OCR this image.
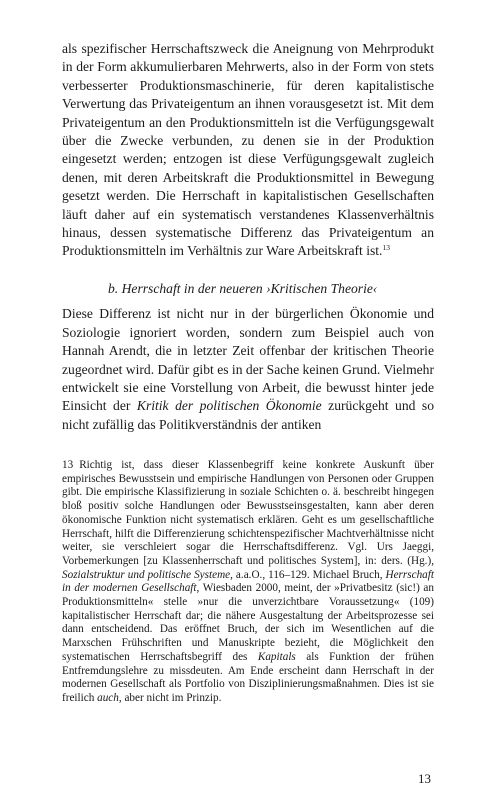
als spezifischer Herrschaftszweck die Aneignung von Mehrprodukt in der Form akkumulierbaren Mehrwerts, also in der Form von stets verbesserter Produktionsmaschinerie, für deren kapitalistische Verwertung das Privateigentum an ihnen vorausgesetzt ist. Mit dem Privateigentum an den Produktionsmitteln ist die Verfügungsgewalt über die Zwecke verbunden, zu denen sie in der Produktion eingesetzt werden; entzogen ist diese Verfügungsgewalt zugleich denen, mit deren Arbeitskraft die Produktionsmittel in Bewegung gesetzt werden. Die Herrschaft in kapitalistischen Gesellschaften läuft daher auf ein systematisch verstandenes Klassenverhältnis hinaus, dessen systematische Differenz das Privateigentum an Produktionsmitteln im Verhältnis zur Ware Arbeitskraft ist.$^{13}$

b. Herrschaft in der neueren ›Kritischen Theorie‹

Diese Differenz ist nicht nur in der bürgerlichen Ökonomie und Soziologie ignoriert worden, sondern zum Beispiel auch von Hannah Arendt, die in letzter Zeit offenbar der kritischen Theorie zugeordnet wird. Dafür gibt es in der Sache keinen Grund. Vielmehr entwickelt sie eine Vorstellung von Arbeit, die bewusst hinter jede Einsicht der Kritik der politischen Ökonomie zurückgeht und so nicht zufällig das Politikverständnis der antiken

13 Richtig ist, dass dieser Klassenbegriff keine konkrete Auskunft über empirisches Bewusstsein und empirische Handlungen von Personen oder Gruppen gibt. Die empirische Klassifizierung in soziale Schichten o. ä. beschreibt hingegen bloß positiv solche Handlungen oder Bewusstseinsgestalten, kann aber deren ökonomische Funktion nicht systematisch erklären. Geht es um gesellschaftliche Herrschaft, hilft die Differenzierung schichtenspezifischer Machtverhältnisse nicht weiter, sie verschleiert sogar die Herrschaftsdifferenz. Vgl. Urs Jaeggi, Vorbemerkungen [zu Klassenherrschaft und politisches System], in: ders. (Hg.), Sozialstruktur und politische Systeme, a.a.O., 116–129. Michael Bruch, Herrschaft in der modernen Gesellschaft, Wiesbaden 2000, meint, der »Privatbesitz (sic!) an Produktionsmitteln« stelle »nur die unverzichtbare Voraussetzung« (109) kapitalistischer Herrschaft dar; die nähere Ausgestaltung der Arbeitsprozesse sei dann entscheidend. Das eröffnet Bruch, der sich im Wesentlichen auf die Marxschen Frühschriften und Manuskripte bezieht, die Möglichkeit den systematischen Herrschaftsbegriff des Kapitals als Funktion der frühen Entfremdungslehre zu missdeuten. Am Ende erscheint dann Herrschaft in der modernen Gesellschaft als Portfolio von Disziplinierungsmaßnahmen. Dies ist sie freilich auch, aber nicht im Prinzip.

13
